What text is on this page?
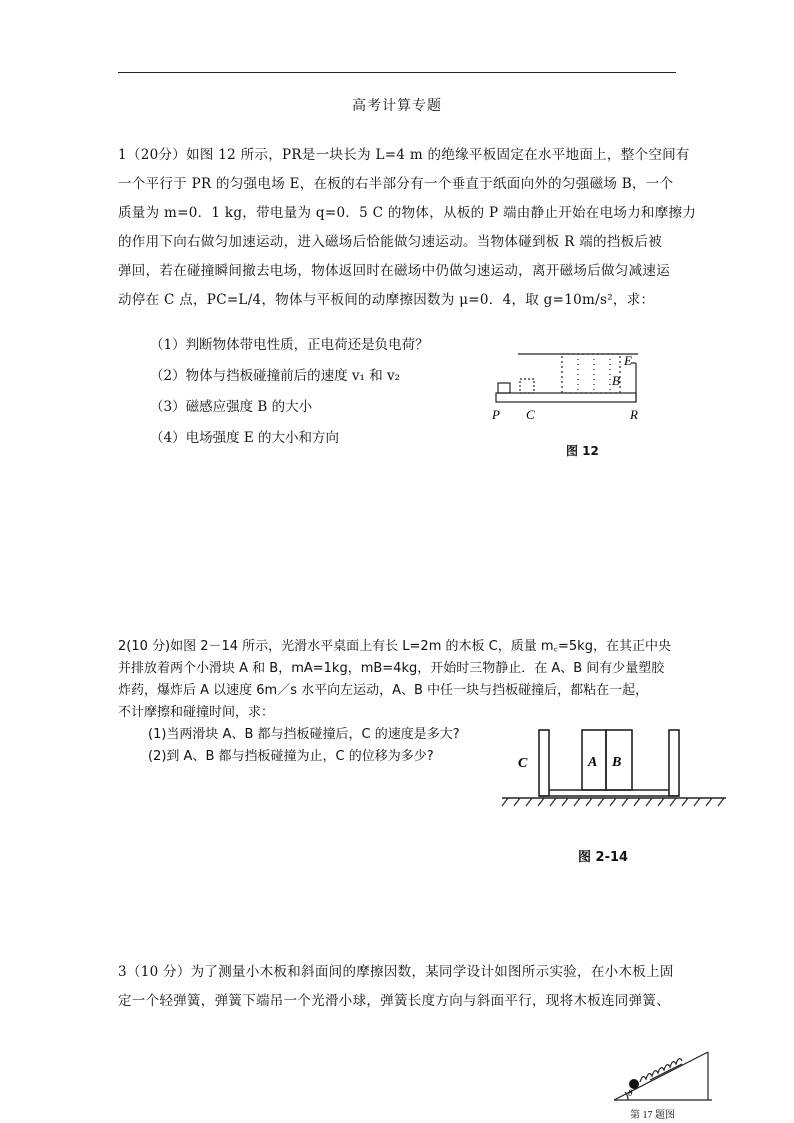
高考计算专题
1（20分）如图 12 所示，PR是一块长为 L=4 m 的绝缘平板固定在水平地面上，整个空间有
一个平行于 PR 的匀强电场 E，在板的右半部分有一个垂直于纸面向外的匀强磁场 B，一个
质量为 m=0．1 kg，带电量为 q=0．5 C 的物体，从板的 P 端由静止开始在电场力和摩擦力
的作用下向右做匀加速运动，进入磁场后恰能做匀速运动。当物体碰到板 R 端的挡板后被
弹回，若在碰撞瞬间撤去电场，物体返回时在磁场中仍做匀速运动，离开磁场后做匀减速运
动停在 C 点，PC=L/4，物体与平板间的动摩擦因数为 μ=0．4，取 g=10m/s²，求：
（1）判断物体带电性质，正电荷还是负电荷？
（2）物体与挡板碰撞前后的速度 v₁ 和 v₂
（3）磁感应强度 B 的大小
（4）电场强度 E 的大小和方向
P C	R
E
B
图 12
2(10 分)如图 2－14 所示，光滑水平桌面上有长 L=2m 的木板 C，质量 m꜀=5kg，在其正中央
并排放着两个小滑块 A 和 B，mA=1kg，mB=4kg，开始时三物静止．在 A、B 间有少量塑胶
炸药，爆炸后 A 以速度 6m／s 水平向左运动，A、B 中任一块与挡板碰撞后，都粘在一起，
不计摩擦和碰撞时间，求：
(1)当两滑块 A、B 都与挡板碰撞后，C 的速度是多大?
(2)到 A、B 都与挡板碰撞为止，C 的位移为多少?	C	A B
图 2-14
3（10 分）为了测量小木板和斜面间的摩擦因数，某同学设计如图所示实验，在小木板上固
定一个轻弹簧，弹簧下端吊一个光滑小球，弹簧长度方向与斜面平行，现将木板连同弹簧、
θ
第 17 题图
